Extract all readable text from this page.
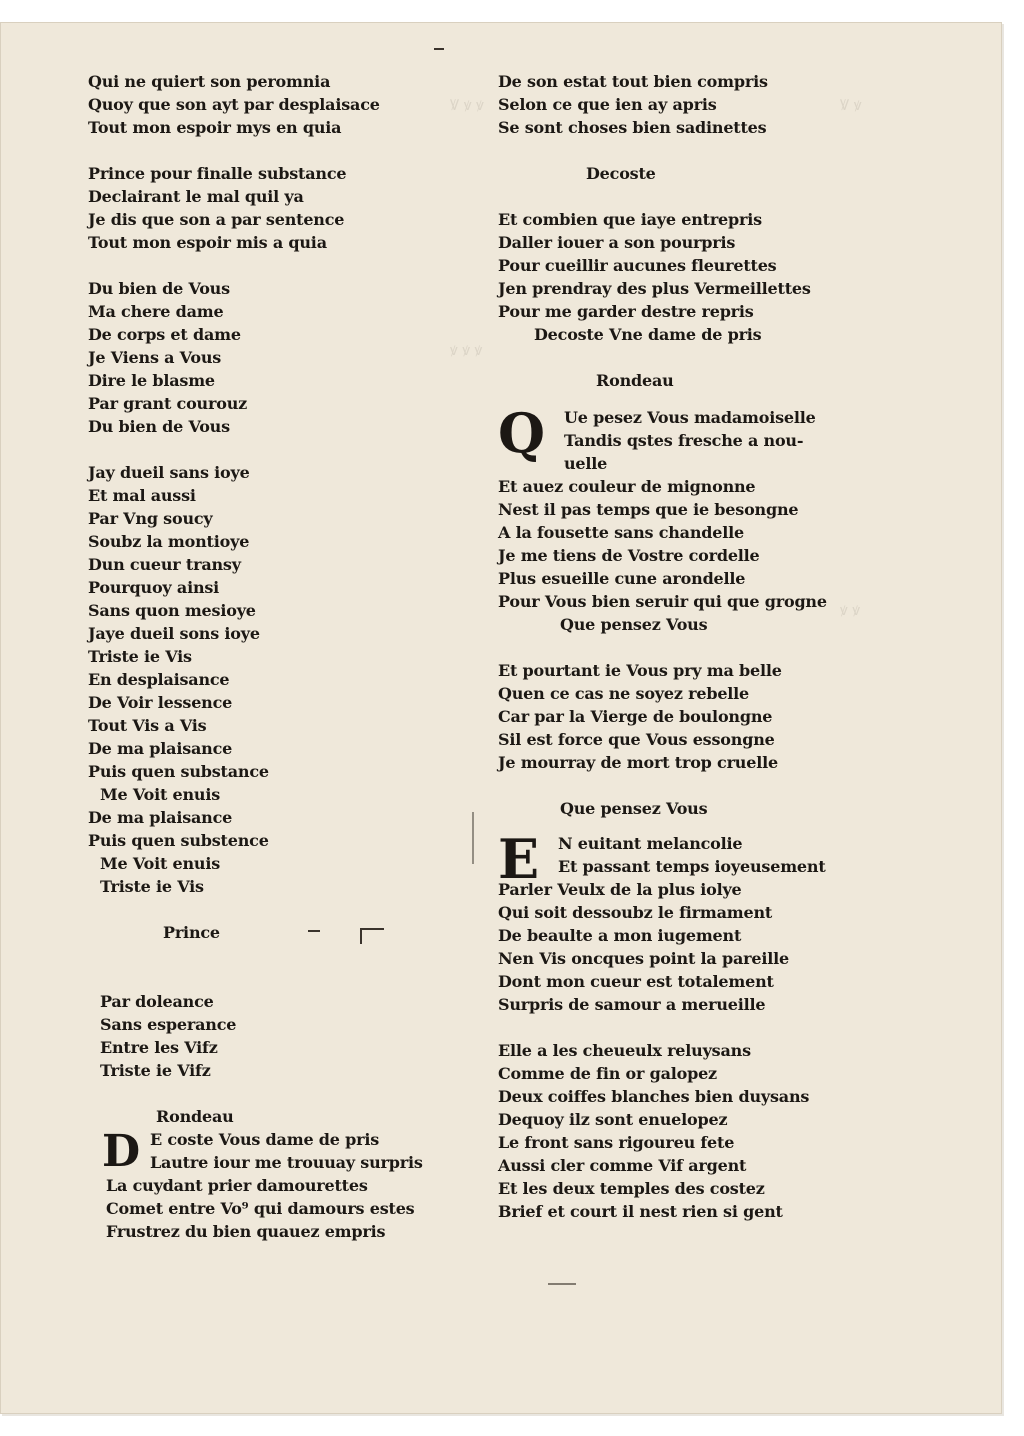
Qui ne quiert son peromnia
Quoy que son ayt par desplaisace
Tout mon espoir mys en quia
Prince pour finalle substance
Declairant le mal quil ya
Je dis que son a par sentence
Tout mon espoir mis a quia
Du bien de Vous
Ma chere dame
De corps et dame
Je Viens a Vous
Dire le blasme
Par grant courouz
Du bien de Vous
Jay dueil sans ioye
Et mal aussi
Par Vng soucy
Soubz la montioye
Dun cueur transy
Pourquoy ainsi
Sans quon mesioye
Jaye dueil sons ioye
Triste ie Vis
En desplaisance
De Voir lessence
Tout Vis a Vis
De ma plaisance
Puis quen substance
Me Voit enuis
De ma plaisance
Puis quen substence
Me Voit enuis
Triste ie Vis
Prince
Par doleance
Sans esperance
Entre les Vifz
Triste ie Vifz
Rondeau
D E coste Vous dame de pris
Lautre iour me trouuay surpris
La cuydant prier damourettes
Comet entre Vo⁹ qui damours estes
Frustrez du bien quauez empris
De son estat tout bien compris
Selon ce que ien ay apris
Se sont choses bien sadinettes
Decoste
Et combien que iaye entrepris
Daller iouer a son pourpris
Pour cueillir aucunes fleurettes
Jen prendray des plus Vermeillettes
Pour me garder destre repris
Decoste Vne dame de pris
Rondeau
Q	Ue pesez Vous madamoiselle
Tandis qstes fresche a nou-
uelle
Et auez couleur de mignonne
Nest il pas temps que ie besongne
A la fousette sans chandelle
Je me tiens de Vostre cordelle
Plus esueille cune arondelle
Pour Vous bien seruir qui que grogne
Que pensez Vous
Et pourtant ie Vous pry ma belle
Quen ce cas ne soyez rebelle
Car par la Vierge de boulongne
Sil est force que Vous essongne
Je mourray de mort trop cruelle
Que pensez Vous
E	N euitant melancolie
Et passant temps ioyeusement
Parler Veulx de la plus iolye
Qui soit dessoubz le firmament
De beaulte a mon iugement
Nen Vis oncques point la pareille
Dont mon cueur est totalement
Surpris de samour a merueille
Elle a les cheueulx reluysans
Comme de fin or galopez
Deux coiffes blanches bien duysans
Dequoy ilz sont enuelopez
Le front sans rigoureu fete
Aussi cler comme Vif argent
Et les deux temples des costez
Brief et court il nest rien si gent
